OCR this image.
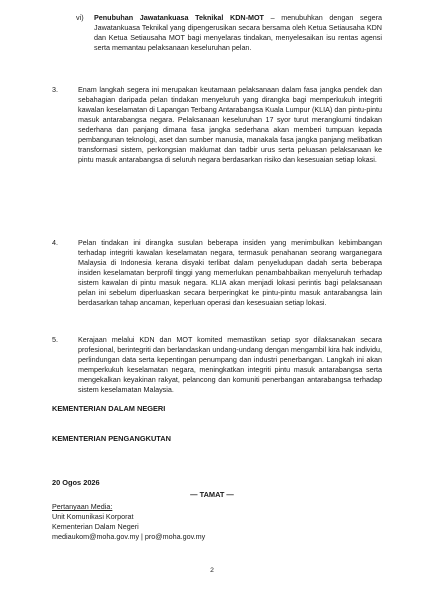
vi) Penubuhan Jawatankuasa Teknikal KDN-MOT – menubuhkan dengan segera Jawatankuasa Teknikal yang dipengerusikan secara bersama oleh Ketua Setiausaha KDN dan Ketua Setiausaha MOT bagi menyelaras tindakan, menyelesaikan isu rentas agensi serta memantau pelaksanaan keseluruhan pelan.
3.	Enam langkah segera ini merupakan keutamaan pelaksanaan dalam fasa jangka pendek dan sebahagian daripada pelan tindakan menyeluruh yang dirangka bagi memperkukuh integriti kawalan keselamatan di Lapangan Terbang Antarabangsa Kuala Lumpur (KLIA) dan pintu-pintu masuk antarabangsa negara. Pelaksanaan keseluruhan 17 syor turut merangkumi tindakan sederhana dan panjang dimana fasa jangka sederhana akan memberi tumpuan kepada pembangunan teknologi, aset dan sumber manusia, manakala fasa jangka panjang melibatkan transformasi sistem, perkongsian maklumat dan tadbir urus serta peluasan pelaksanaan ke pintu masuk antarabangsa di seluruh negara berdasarkan risiko dan kesesuaian setiap lokasi.
4.	Pelan tindakan ini dirangka susulan beberapa insiden yang menimbulkan kebimbangan terhadap integriti kawalan keselamatan negara, termasuk penahanan seorang warganegara Malaysia di Indonesia kerana disyaki terlibat dalam penyeludupan dadah serta beberapa insiden keselamatan berprofil tinggi yang memerlukan penambahbaikan menyeluruh terhadap sistem kawalan di pintu masuk negara. KLIA akan menjadi lokasi perintis bagi pelaksanaan pelan ini sebelum diperluaskan secara berperingkat ke pintu-pintu masuk antarabangsa lain berdasarkan tahap ancaman, keperluan operasi dan kesesuaian setiap lokasi.
5.	Kerajaan melalui KDN dan MOT komited memastikan setiap syor dilaksanakan secara profesional, berintegriti dan berlandaskan undang-undang dengan mengambil kira hak individu, perlindungan data serta kepentingan penumpang dan industri penerbangan. Langkah ini akan memperkukuh keselamatan negara, meningkatkan integriti pintu masuk antarabangsa serta mengekalkan keyakinan rakyat, pelancong dan komuniti penerbangan antarabangsa terhadap sistem keselamatan Malaysia.
KEMENTERIAN DALAM NEGERI
KEMENTERIAN PENGANGKUTAN
20 Ogos 2026
— TAMAT —
Pertanyaan Media:
Unit Komunikasi Korporat
Kementerian Dalam Negeri
mediaukom@moha.gov.my | pro@moha.gov.my
2
